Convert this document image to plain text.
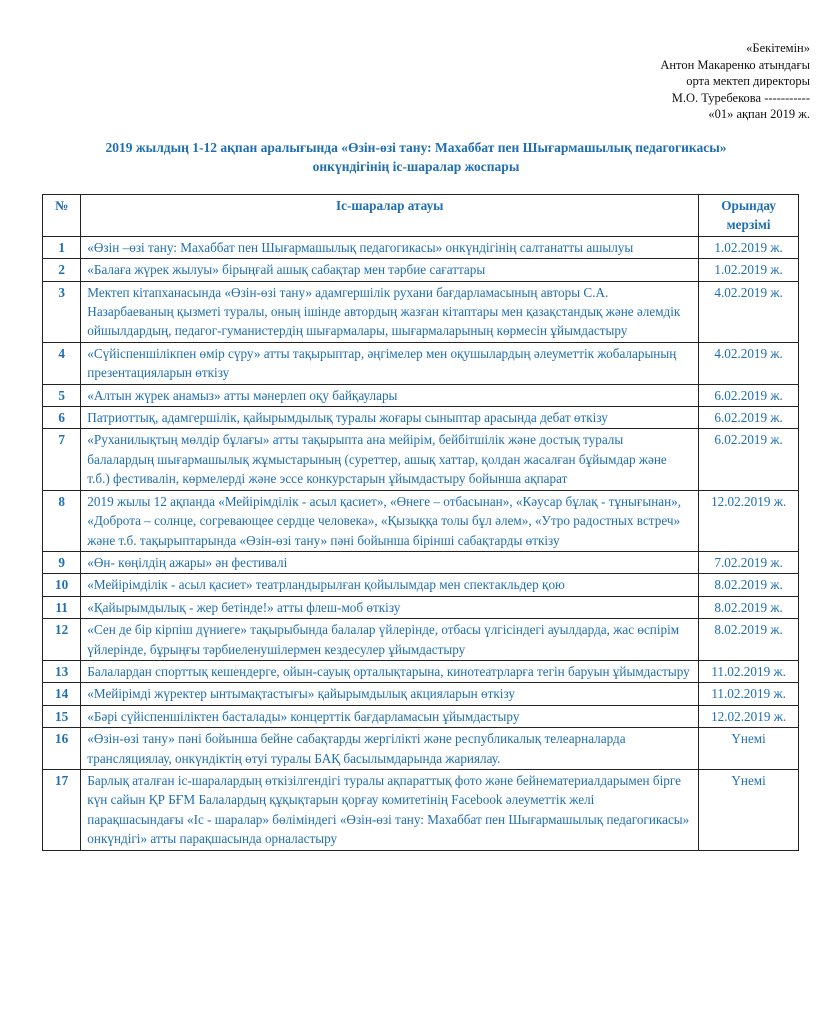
«Бекітемін»
Антон Макаренко атындағы
орта мектеп директоры
М.О. Туребекова -----------
«01» ақпан 2019 ж.
2019 жылдың 1-12 ақпан аралығында «Өзін-өзі тану: Махаббат пен Шығармашылық педагогикасы»
онкүндігінің іс-шаралар жоспары
№	Іс-шаралар атауы	Орындау мерзімі
1	«Өзін –өзі тану: Махаббат пен Шығармашылық педагогикасы» онкүндігінің салтанатты ашылуы	1.02.2019 ж.
2	«Балаға жүрек жылуы» бірыңғай ашық сабақтар мен тәрбие сағаттары	1.02.2019 ж.
3	Мектеп кітапханасында «Өзін-өзі тану» адамгершілік рухани бағдарламасының авторы С.А. Назарбаеваның қызметі туралы, оның ішінде автордың жазған кітаптары мен қазақстандық және әлемдік ойшылдардың, педагог-гуманистердің шығармалары, шығармаларының көрмесін ұйымдастыру	4.02.2019 ж.
4	«Сүйіспеншілікпен өмір сүру» атты тақырыптар, әңгімелер мен оқушылардың әлеуметтік жобаларының презентацияларын өткізу	4.02.2019 ж.
5	«Алтын жүрек анамыз» атты мәнерлеп оқу байқаулары	6.02.2019 ж.
6	Патриоттық, адамгершілік, қайырымдылық туралы жоғары сыныптар арасында дебат өткізу	6.02.2019 ж.
7	«Руханилықтың мөлдір бұлағы» атты тақырыпта ана мейірім, бейбітшілік және достық туралы балалардың шығармашылық жұмыстарының (суреттер, ашық хаттар, қолдан жасалған бұйымдар және т.б.) фестивалін, көрмелерді және эссе конкурстарын ұйымдастыру бойынша ақпарат	6.02.2019 ж.
8	2019 жылы 12 ақпанда «Мейірімділік - асыл қасиет», «Өнеге – отбасынан», «Кәусар бұлақ - тұнығынан», «Доброта – солнце, согревающее сердце человека», «Қызыққа толы бұл әлем», «Утро радостных встреч» және т.б. тақырыптарында «Өзін-өзі тану» пәні бойынша бірінші сабақтарды өткізу	12.02.2019 ж.
9	«Өн- көңілдің ажары» ән фестивалі	7.02.2019 ж.
10	«Мейірімділік - асыл қасиет» театрландырылған қойылымдар мен спектакльдер қою	8.02.2019 ж.
11	«Қайырымдылық - жер бетінде!» атты флеш-моб өткізу	8.02.2019 ж.
12	«Сен де бір кірпіш дүниеге» тақырыбында балалар үйлерінде, отбасы үлгісіндегі ауылдарда, жас өспірім үйлерінде, бұрыңғы тәрбиеленушілермен кездесулер ұйымдастыру	8.02.2019 ж.
13	Балалардан спорттық кешендерге, ойын-сауық орталықтарына, кинотеатрларға тегін баруын ұйымдастыру	11.02.2019 ж.
14	«Мейірімді жүректер ынтымақтастығы» қайырымдылық акцияларын өткізу	11.02.2019 ж.
15	«Бәрі сүйіспеншіліктен басталады» концерттік бағдарламасын ұйымдастыру	12.02.2019 ж.
16	«Өзін-өзі тану» пәні бойынша бейне сабақтарды жергілікті және республикалық телеарналарда трансляциялау, онкүндіктің өтуі туралы БАҚ басылымдарында жариялау.	Үнемі
17	Барлық аталған іс-шаралардың өткізілгендігі туралы ақпараттық фото және бейнематериалдарымен бірге күн сайын ҚР БҒМ Балалардың құқықтарын қорғау комитетінің Facebook әлеуметтік желі парақшасындағы «Іс - шаралар» бөліміндегі «Өзін-өзі тану: Махаббат пен Шығармашылық педагогикасы» онкүндігі» атты парақшасында орналастыру	Үнемі
